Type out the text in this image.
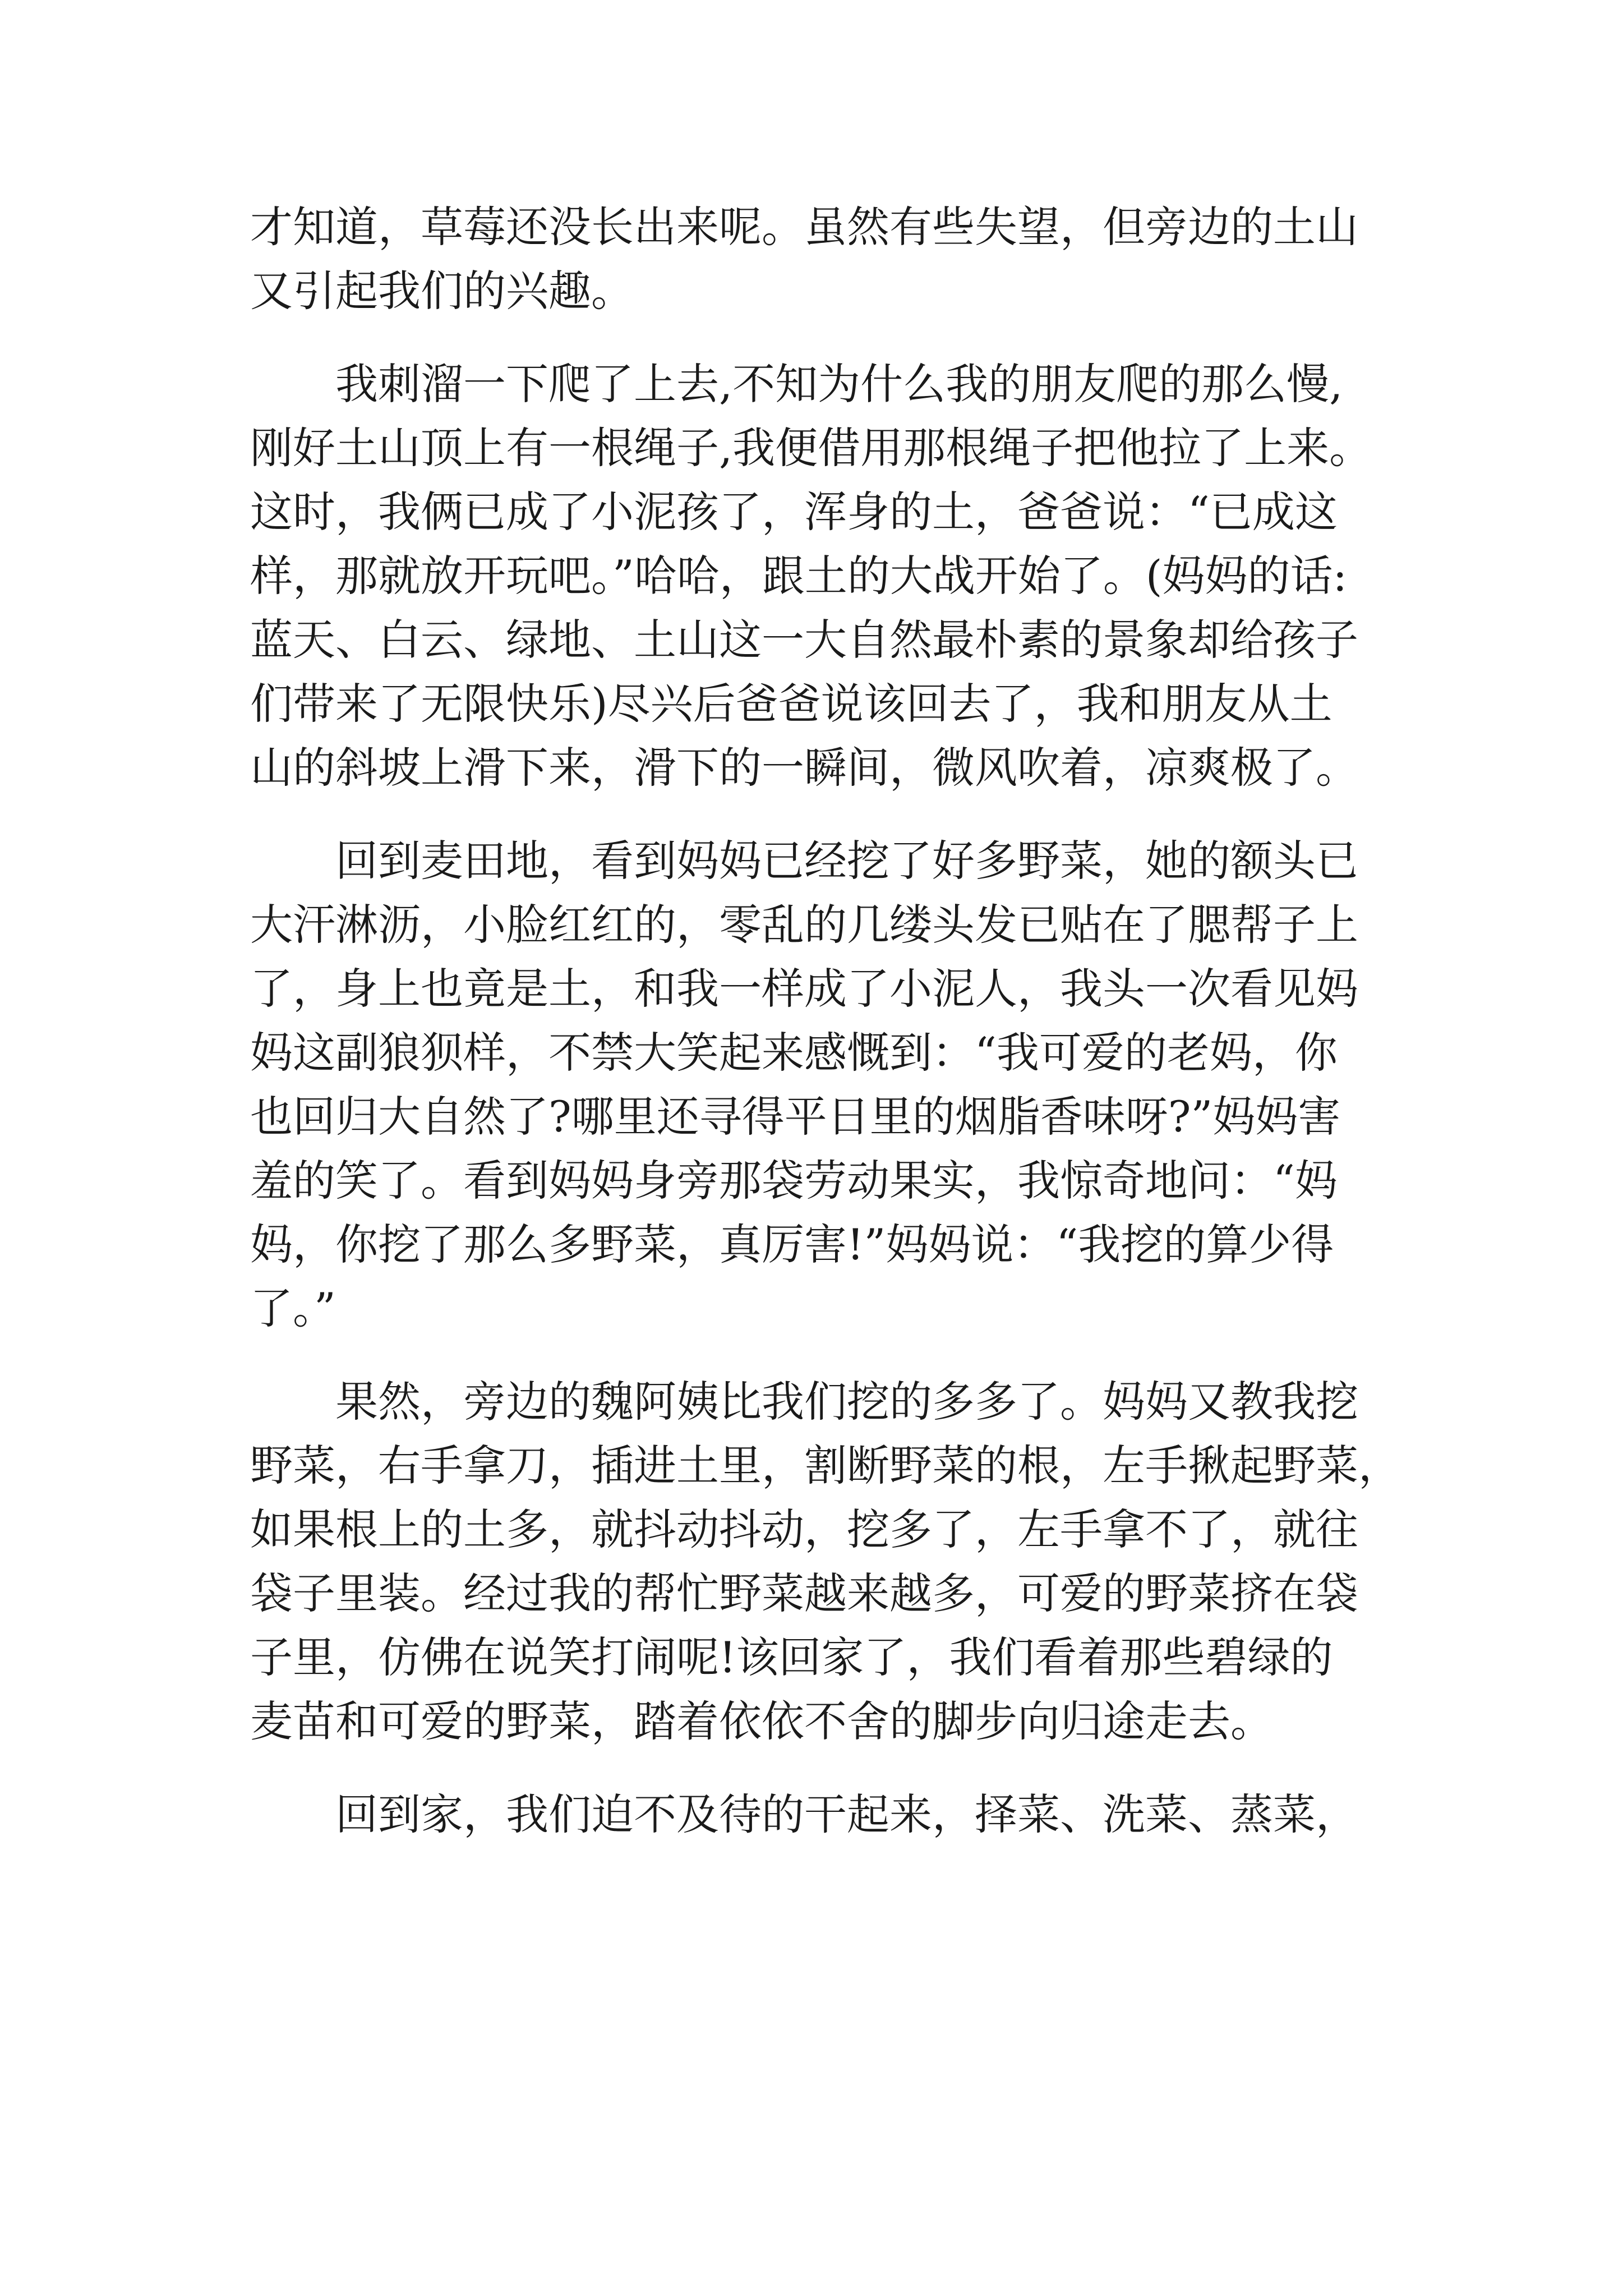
才知道，草莓还没长出来呢。虽然有些失望，但旁边的土山
又引起我们的兴趣。
我刺溜一下爬了上去,不知为什么我的朋友爬的那么慢,
刚好土山顶上有一根绳子,我便借用那根绳子把他拉了上来。
这时，我俩已成了小泥孩了，浑身的土，爸爸说：“已成这
样，那就放开玩吧。”哈哈，跟土的大战开始了。(妈妈的话:
蓝天、白云、绿地、土山这一大自然最朴素的景象却给孩子
们带来了无限快乐)尽兴后爸爸说该回去了，我和朋友从土
山的斜坡上滑下来，滑下的一瞬间，微风吹着，凉爽极了。
回到麦田地，看到妈妈已经挖了好多野菜，她的额头已
大汗淋沥，小脸红红的，零乱的几缕头发已贴在了腮帮子上
了，身上也竟是土，和我一样成了小泥人，我头一次看见妈
妈这副狼狈样，不禁大笑起来感慨到：“我可爱的老妈，你
也回归大自然了?哪里还寻得平日里的烟脂香味呀?”妈妈害
羞的笑了。看到妈妈身旁那袋劳动果实，我惊奇地问：“妈
妈，你挖了那么多野菜，真厉害!”妈妈说：“我挖的算少得
了。”
果然，旁边的魏阿姨比我们挖的多多了。妈妈又教我挖
野菜，右手拿刀，插进土里，割断野菜的根，左手揪起野菜，
如果根上的土多，就抖动抖动，挖多了，左手拿不了，就往
袋子里装。经过我的帮忙野菜越来越多，可爱的野菜挤在袋
子里，仿佛在说笑打闹呢!该回家了，我们看着那些碧绿的
麦苗和可爱的野菜，踏着依依不舍的脚步向归途走去。
回到家，我们迫不及待的干起来，择菜、洗菜、蒸菜，
